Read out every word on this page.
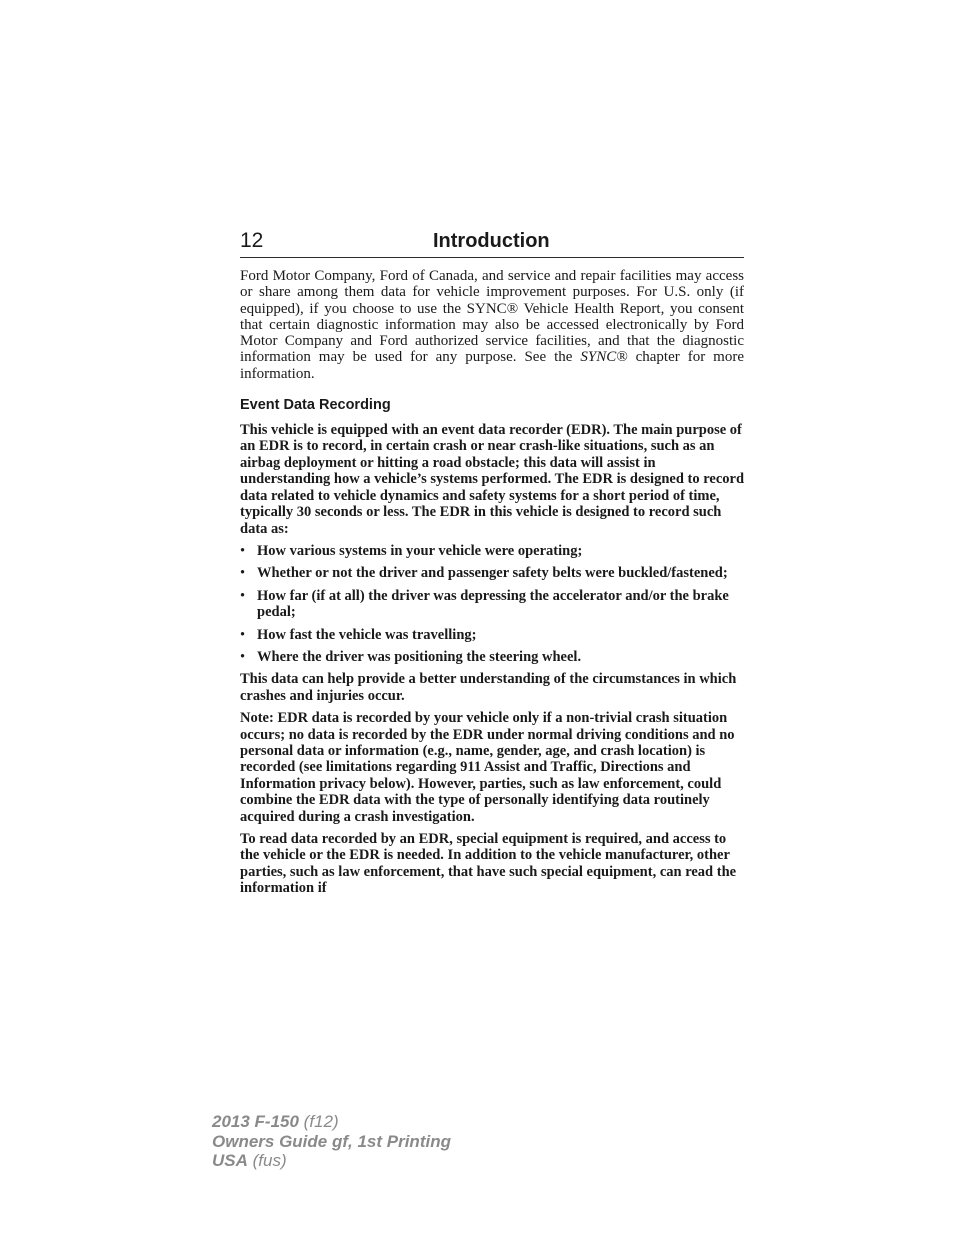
12	Introduction

Ford Motor Company, Ford of Canada, and service and repair facilities may access or share among them data for vehicle improvement purposes. For U.S. only (if equipped), if you choose to use the SYNC® Vehicle Health Report, you consent that certain diagnostic information may also be accessed electronically by Ford Motor Company and Ford authorized service facilities, and that the diagnostic information may be used for any purpose. See the SYNC® chapter for more information.

Event Data Recording

This vehicle is equipped with an event data recorder (EDR). The main purpose of an EDR is to record, in certain crash or near crash-like situations, such as an airbag deployment or hitting a road obstacle; this data will assist in understanding how a vehicle’s systems performed. The EDR is designed to record data related to vehicle dynamics and safety systems for a short period of time, typically 30 seconds or less. The EDR in this vehicle is designed to record such data as:

• How various systems in your vehicle were operating;
• Whether or not the driver and passenger safety belts were buckled/fastened;
• How far (if at all) the driver was depressing the accelerator and/or the brake pedal;
• How fast the vehicle was travelling;
• Where the driver was positioning the steering wheel.

This data can help provide a better understanding of the circumstances in which crashes and injuries occur.

Note: EDR data is recorded by your vehicle only if a non-trivial crash situation occurs; no data is recorded by the EDR under normal driving conditions and no personal data or information (e.g., name, gender, age, and crash location) is recorded (see limitations regarding 911 Assist and Traffic, Directions and Information privacy below). However, parties, such as law enforcement, could combine the EDR data with the type of personally identifying data routinely acquired during a crash investigation.

To read data recorded by an EDR, special equipment is required, and access to the vehicle or the EDR is needed. In addition to the vehicle manufacturer, other parties, such as law enforcement, that have such special equipment, can read the information if

2013 F-150 (f12)
Owners Guide gf, 1st Printing
USA (fus)
